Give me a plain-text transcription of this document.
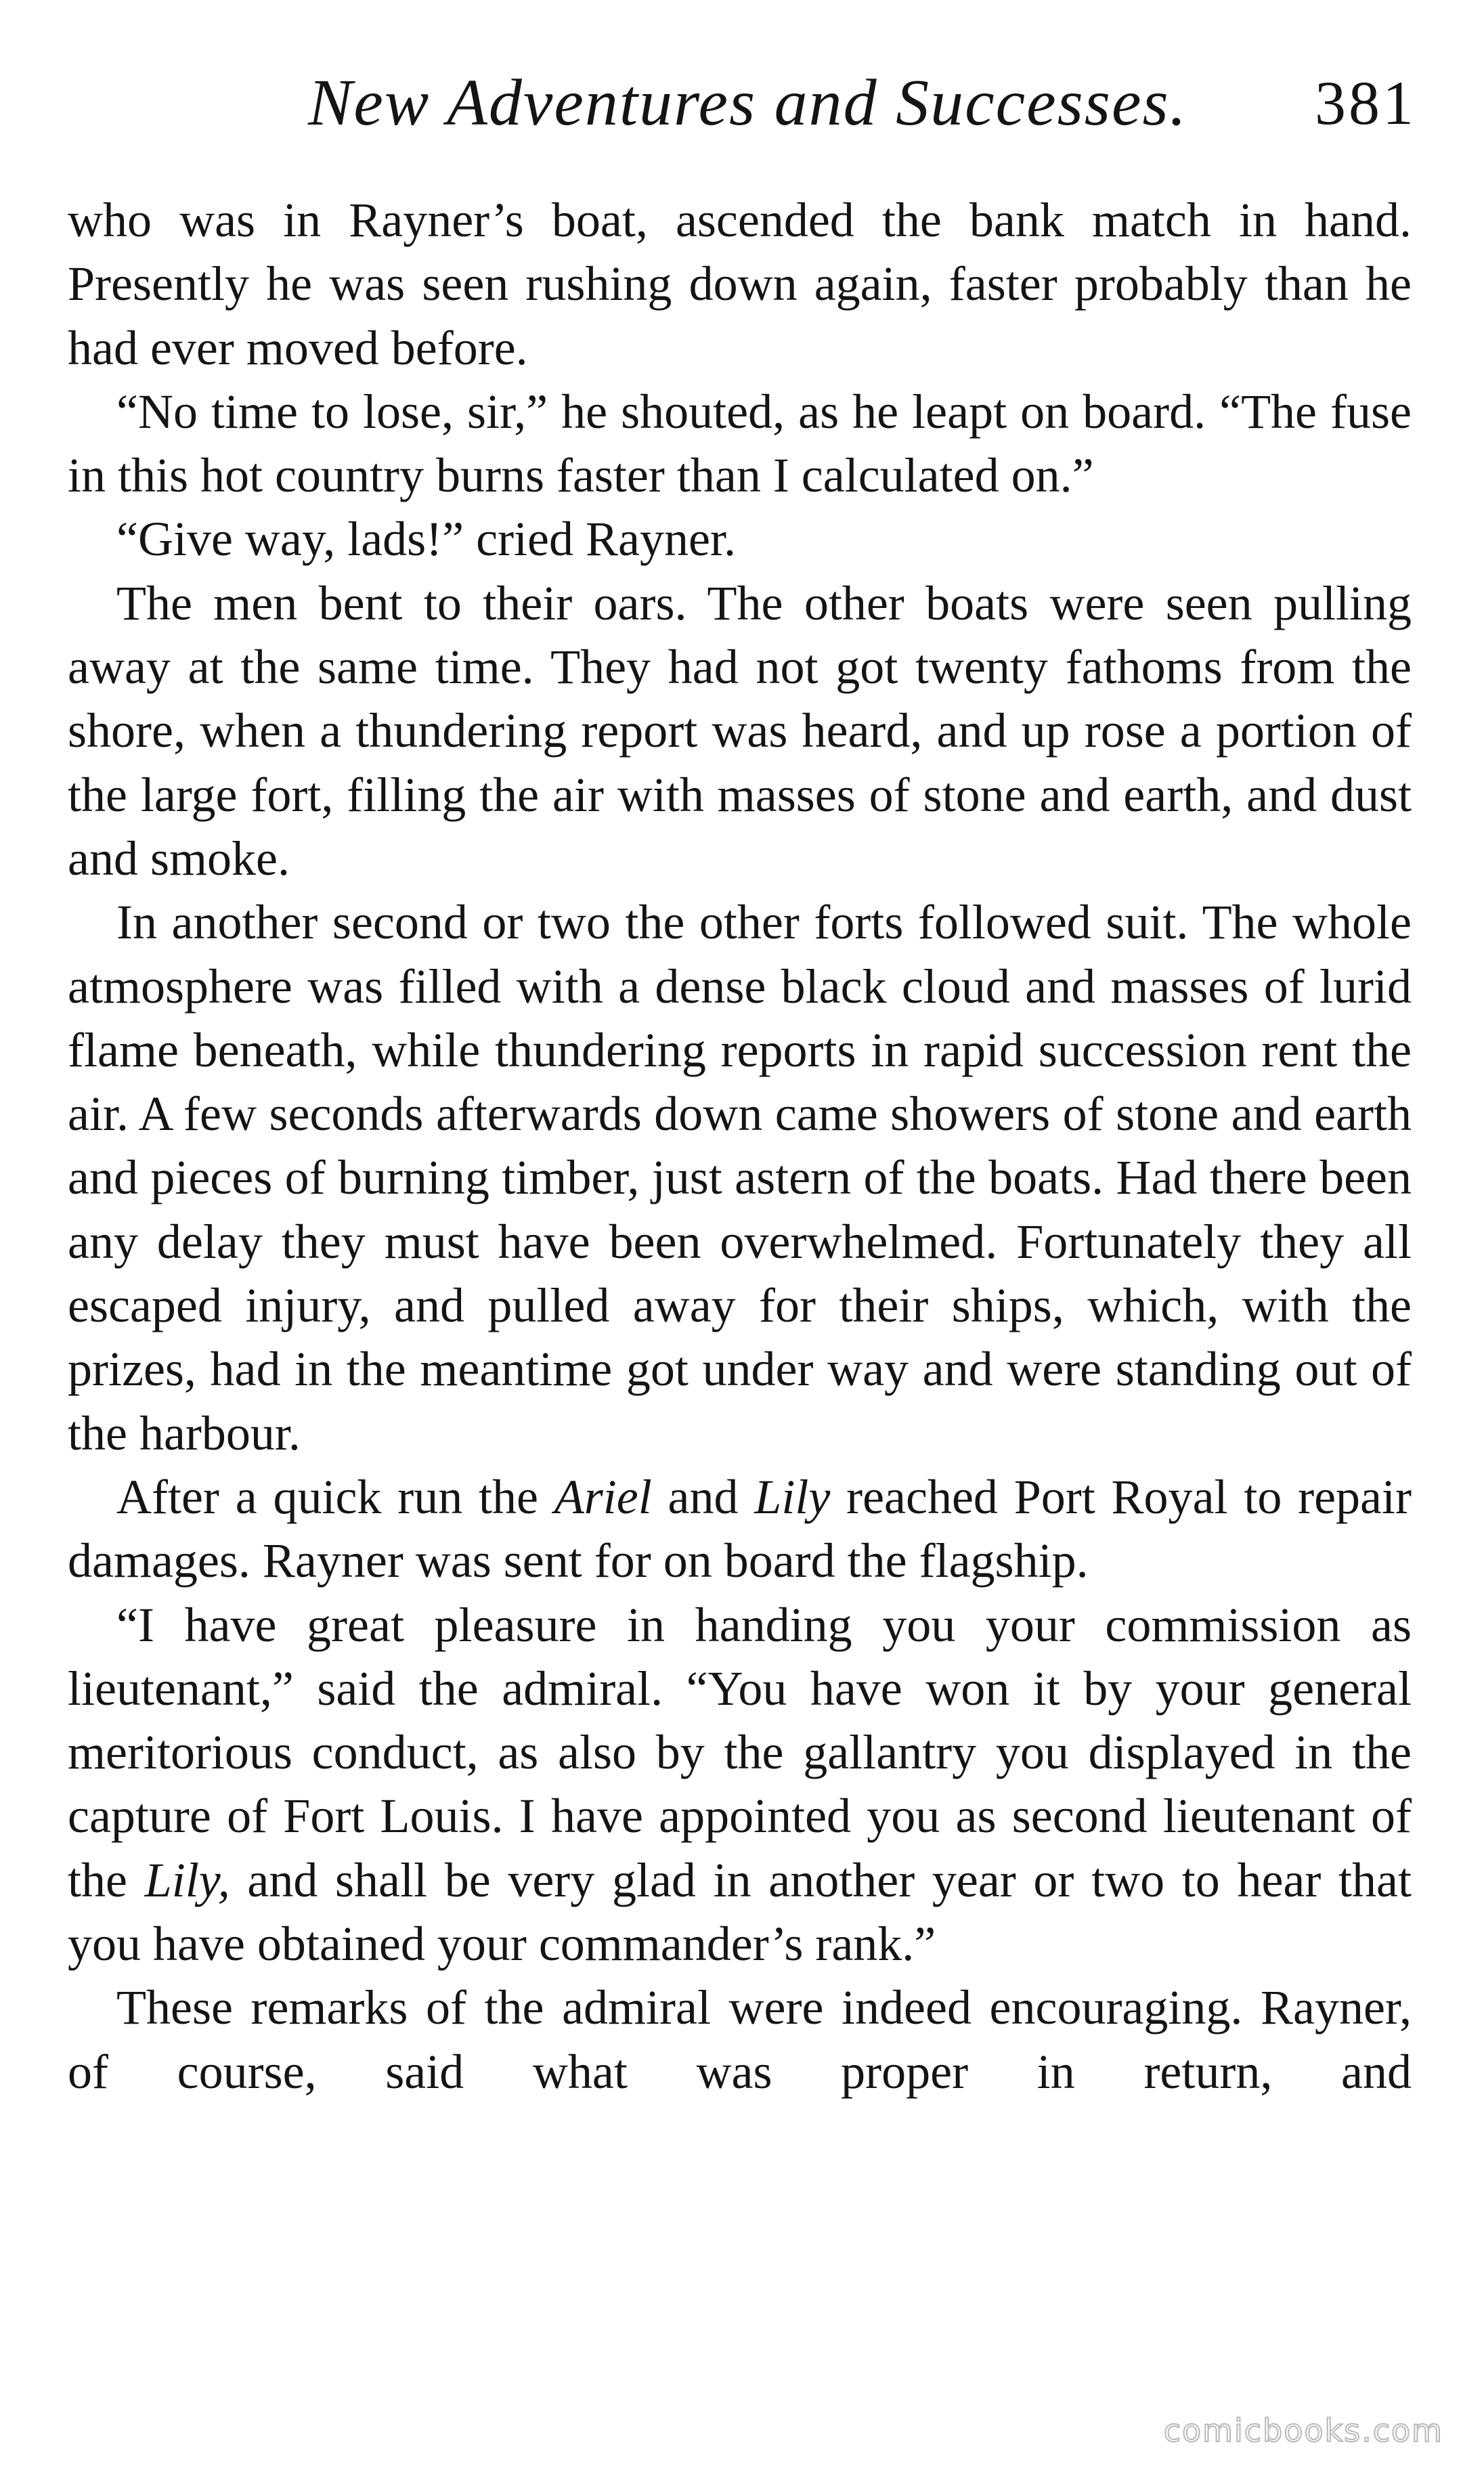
New Adventures and Successes. 381

who was in Rayner’s boat, ascended the bank match in hand. Presently he was seen rushing down again, faster probably than he had ever moved before.

“No time to lose, sir,” he shouted, as he leapt on board. “The fuse in this hot country burns faster than I calculated on.”

“Give way, lads!” cried Rayner.

The men bent to their oars. The other boats were seen pulling away at the same time. They had not got twenty fathoms from the shore, when a thundering report was heard, and up rose a portion of the large fort, filling the air with masses of stone and earth, and dust and smoke.

In another second or two the other forts followed suit. The whole atmosphere was filled with a dense black cloud and masses of lurid flame beneath, while thundering reports in rapid succession rent the air. A few seconds afterwards down came showers of stone and earth and pieces of burning timber, just astern of the boats. Had there been any delay they must have been overwhelmed. Fortunately they all escaped injury, and pulled away for their ships, which, with the prizes, had in the meantime got under way and were standing out of the harbour.

After a quick run the Ariel and Lily reached Port Royal to repair damages. Rayner was sent for on board the flagship.

“I have great pleasure in handing you your commission as lieutenant,” said the admiral. “You have won it by your general meritorious conduct, as also by the gallantry you displayed in the capture of Fort Louis. I have appointed you as second lieutenant of the Lily, and shall be very glad in another year or two to hear that you have obtained your commander’s rank.”

These remarks of the admiral were indeed encouraging. Rayner, of course, said what was proper in return, and

comicbooks.com
